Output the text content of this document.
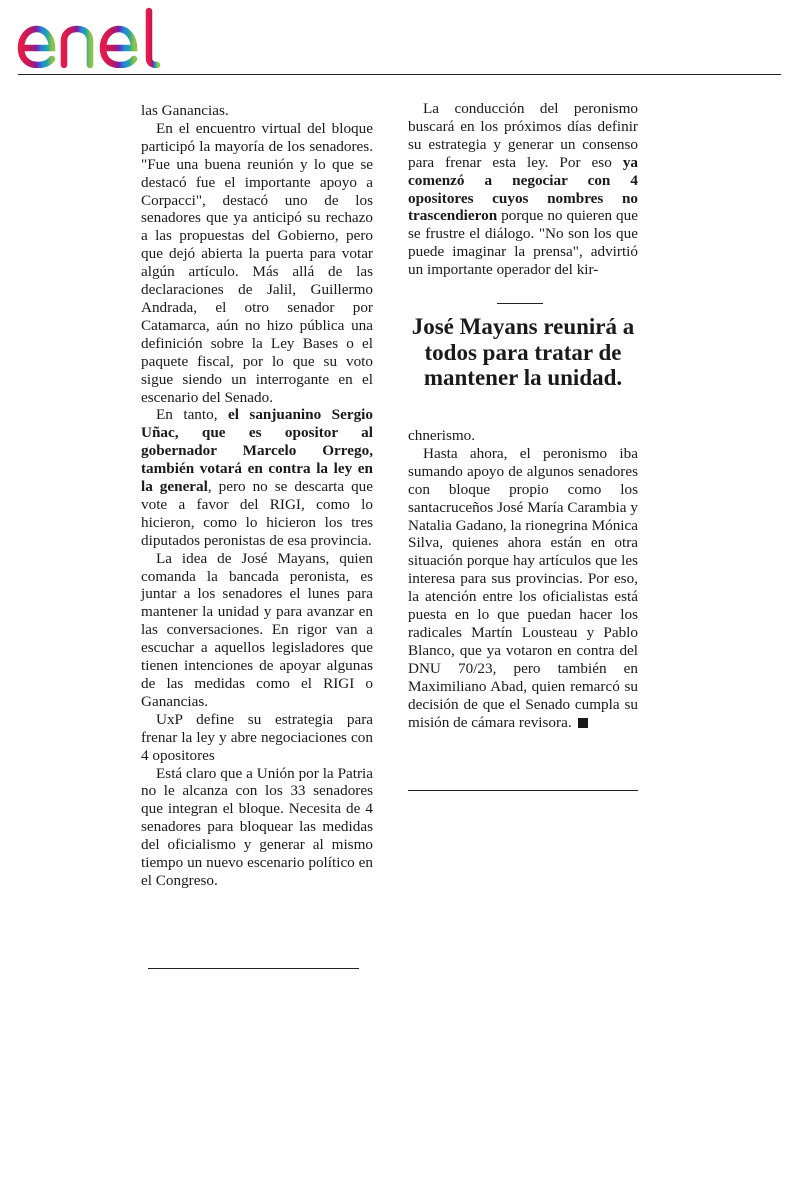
las Ganancias.

En el encuentro virtual del bloque participó la mayoría de los senadores. "Fue una buena reunión y lo que se destacó fue el importante apoyo a Corpacci", destacó uno de los senadores que ya anticipó su rechazo a las propuestas del Gobierno, pero que dejó abierta la puerta para votar algún artículo. Más allá de las declaraciones de Jalil, Guillermo Andrada, el otro senador por Catamarca, aún no hizo pública una definición sobre la Ley Bases o el paquete fiscal, por lo que su voto sigue siendo un interrogante en el escenario del Senado.

En tanto, el sanjuanino Sergio Uñac, que es opositor al gobernador Marcelo Orrego, también votará en contra la ley en la general, pero no se descarta que vote a favor del RIGI, como lo hicieron, como lo hicieron los tres diputados peronistas de esa provincia.

La idea de José Mayans, quien comanda la bancada peronista, es juntar a los senadores el lunes para mantener la unidad y para avanzar en las conversaciones. En rigor van a escuchar a aquellos legisladores que tienen intenciones de apoyar algunas de las medidas como el RIGI o Ganancias.

UxP define su estrategia para frenar la ley y abre negociaciones con 4 opositores

Está claro que a Unión por la Patria no le alcanza con los 33 senadores que integran el bloque. Necesita de 4 senadores para bloquear las medidas del oficialismo y generar al mismo tiempo un nuevo escenario político en el Congreso.

La conducción del peronismo buscará en los próximos días definir su estrategia y generar un consenso para frenar esta ley. Por eso ya comenzó a negociar con 4 opositores cuyos nombres no trascendieron porque no quieren que se frustre el diálogo. "No son los que puede imaginar la prensa", advirtió un importante operador del kir-

José Mayans reunirá a todos para tratar de mantener la unidad.

chnerismo.

Hasta ahora, el peronismo iba sumando apoyo de algunos senadores con bloque propio como los santacruceños José María Carambia y Natalia Gadano, la rionegrina Mónica Silva, quienes ahora están en otra situación porque hay artículos que les interesa para sus provincias. Por eso, la atención entre los oficialistas está puesta en lo que puedan hacer los radicales Martín Lousteau y Pablo Blanco, que ya votaron en contra del DNU 70/23, pero también en Maximiliano Abad, quien remarcó su decisión de que el Senado cumpla su misión de cámara revisora.
